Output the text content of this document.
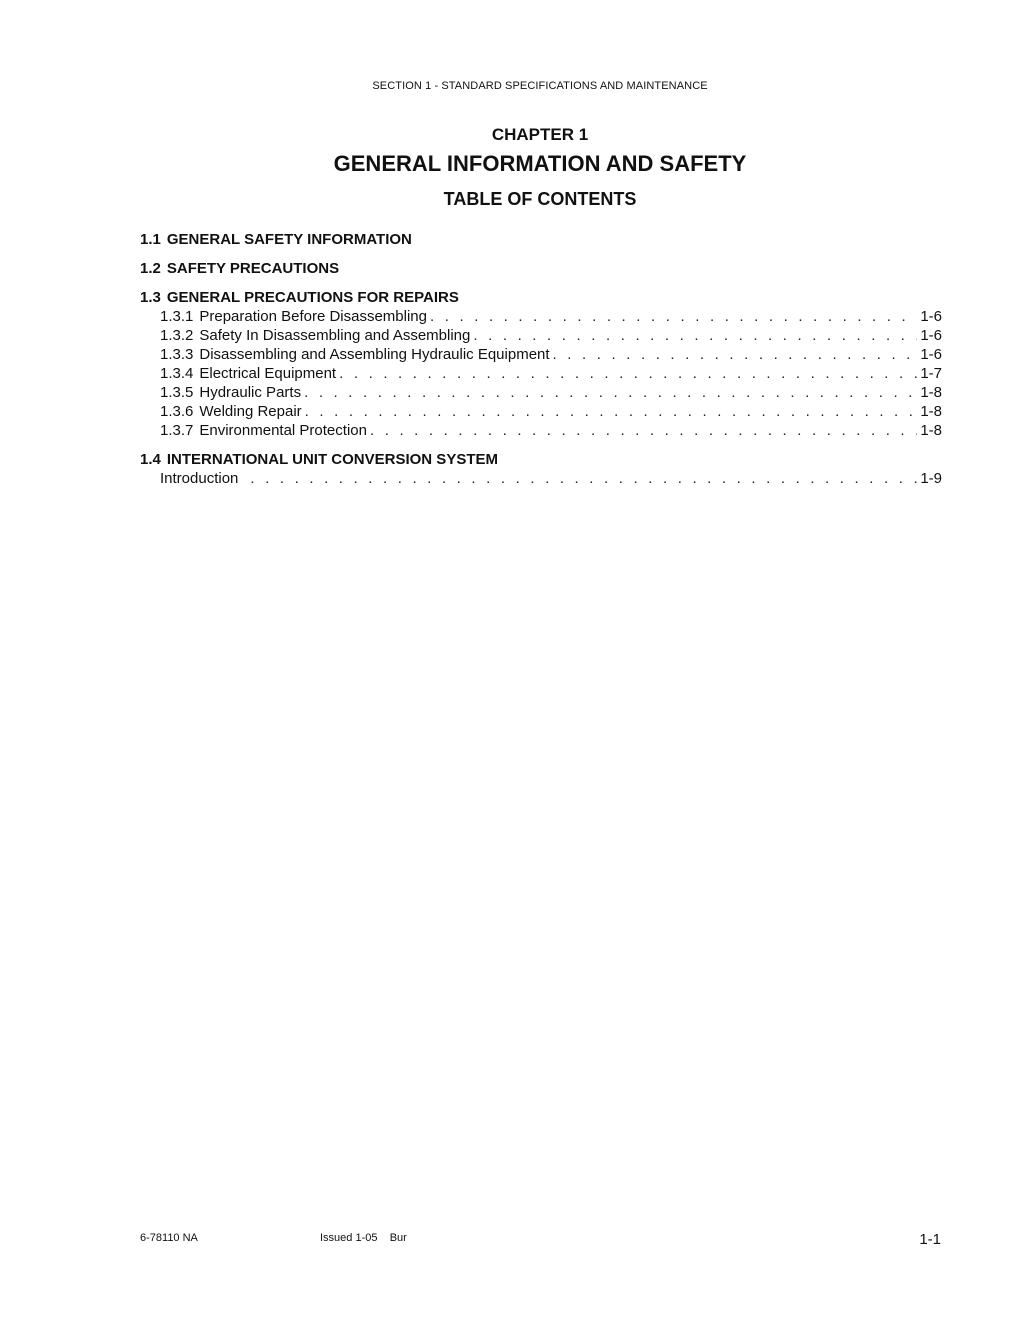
SECTION 1 - STANDARD SPECIFICATIONS AND MAINTENANCE
CHAPTER 1
GENERAL INFORMATION AND SAFETY
TABLE OF CONTENTS
1.1 GENERAL SAFETY INFORMATION
1.2 SAFETY PRECAUTIONS
1.3 GENERAL PRECAUTIONS FOR REPAIRS
1.3.1 Preparation Before Disassembling . . .	1-6
1.3.2 Safety In Disassembling and Assembling . . .	1-6
1.3.3 Disassembling and Assembling Hydraulic Equipment . . .	1-6
1.3.4 Electrical Equipment . . .	1-7
1.3.5 Hydraulic Parts . . .	1-8
1.3.6 Welding Repair . . .	1-8
1.3.7 Environmental Protection . . .	1-8
1.4 INTERNATIONAL UNIT CONVERSION SYSTEM
Introduction . . .	1-9
6-78110 NA	Issued 1-05    Bur	1-1
